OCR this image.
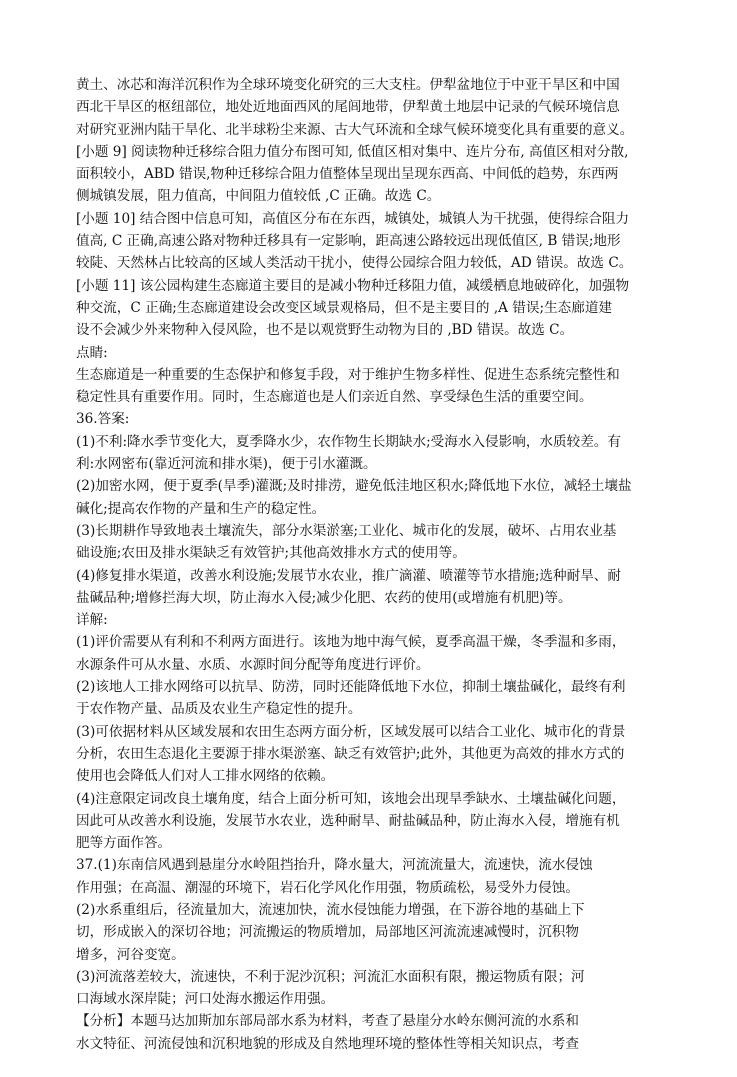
黄土、冰芯和海洋沉积作为全球环境变化研究的三大支柱。伊犁盆地位于中亚干旱区和中国
西北干旱区的枢纽部位，地处近地面西风的尾闾地带，伊犁黄土地层中记录的气候环境信息
对研究亚洲内陆干旱化、北半球粉尘来源、古大气环流和全球气候环境变化具有重要的意义。
[小题 9] 阅读物种迁移综合阻力值分布图可知, 低值区相对集中、连片分布, 高值区相对分散,
面积较小，ABD 错误,物种迁移综合阻力值整体呈现出呈现东西高、中间低的趋势，东西两
侧城镇发展，阻力值高，中间阻力值较低 ,C 正确。故选 C。
[小题 10] 结合图中信息可知，高值区分布在东西，城镇处，城镇人为干扰强，使得综合阻力
值高, C 正确,高速公路对物种迁移具有一定影响，距高速公路较远出现低值区, B 错误;地形
较陡、天然林占比较高的区域人类活动干扰小，使得公园综合阻力较低，AD 错误。故选 C。
[小题 11] 该公园构建生态廊道主要目的是减小物种迁移阻力值，减缓栖息地破碎化，加强物
种交流，C 正确;生态廊道建设会改变区域景观格局，但不是主要目的 ,A 错误;生态廊道建
设不会减少外来物种入侵风险，也不是以观赏野生动物为目的 ,BD 错误。故选 C。
点睛:
生态廊道是一种重要的生态保护和修复手段，对于维护生物多样性、促进生态系统完整性和
稳定性具有重要作用。同时，生态廊道也是人们亲近自然、享受绿色生活的重要空间。
36.答案:
(1)不利:降水季节变化大，夏季降水少，农作物生长期缺水;受海水入侵影响，水质较差。有
利:水网密布(靠近河流和排水渠)，便于引水灌溉。
(2)加密水网，便于夏季(旱季)灌溉;及时排涝，避免低洼地区积水;降低地下水位，减轻土壤盐
碱化;提高农作物的产量和生产的稳定性。
(3)长期耕作导致地表土壤流失，部分水渠淤塞;工业化、城市化的发展，破坏、占用农业基
础设施;农田及排水渠缺乏有效管护;其他高效排水方式的使用等。
(4)修复排水渠道，改善水利设施;发展节水农业，推广滴灌、喷灌等节水措施;选种耐旱、耐
盐碱品种;增修拦海大坝，防止海水入侵;减少化肥、农药的使用(或增施有机肥)等。
详解:
(1)评价需要从有利和不利两方面进行。该地为地中海气候，夏季高温干燥，冬季温和多雨，
水源条件可从水量、水质、水源时间分配等角度进行评价。
(2)该地人工排水网络可以抗旱、防涝，同时还能降低地下水位，抑制土壤盐碱化，最终有利
于农作物产量、品质及农业生产稳定性的提升。
(3)可依据材料从区域发展和农田生态两方面分析，区域发展可以结合工业化、城市化的背景
分析，农田生态退化主要源于排水渠淤塞、缺乏有效管护;此外，其他更为高效的排水方式的
使用也会降低人们对人工排水网络的依赖。
(4)注意限定词改良土壤角度，结合上面分析可知，该地会出现旱季缺水、土壤盐碱化问题，
因此可从改善水利设施，发展节水农业，选种耐旱、耐盐碱品种，防止海水入侵，增施有机
肥等方面作答。
37.(1)东南信风遇到悬崖分水岭阻挡抬升，降水量大，河流流量大，流速快，流水侵蚀
作用强；在高温、潮湿的环境下，岩石化学风化作用强，物质疏松，易受外力侵蚀。
(2)水系重组后，径流量加大，流速加快，流水侵蚀能力增强，在下游谷地的基础上下
切，形成嵌入的深切谷地；河流搬运的物质增加，局部地区河流流速减慢时，沉积物
增多，河谷变宽。
(3)河流落差较大，流速快，不利于泥沙沉积；河流汇水面积有限，搬运物质有限；河
口海域水深岸陡；河口处海水搬运作用强。
【分析】本题马达加斯加东部局部水系为材料，考查了悬崖分水岭东侧河流的水系和
水文特征、河流侵蚀和沉积地貌的形成及自然地理环境的整体性等相关知识点，考查
